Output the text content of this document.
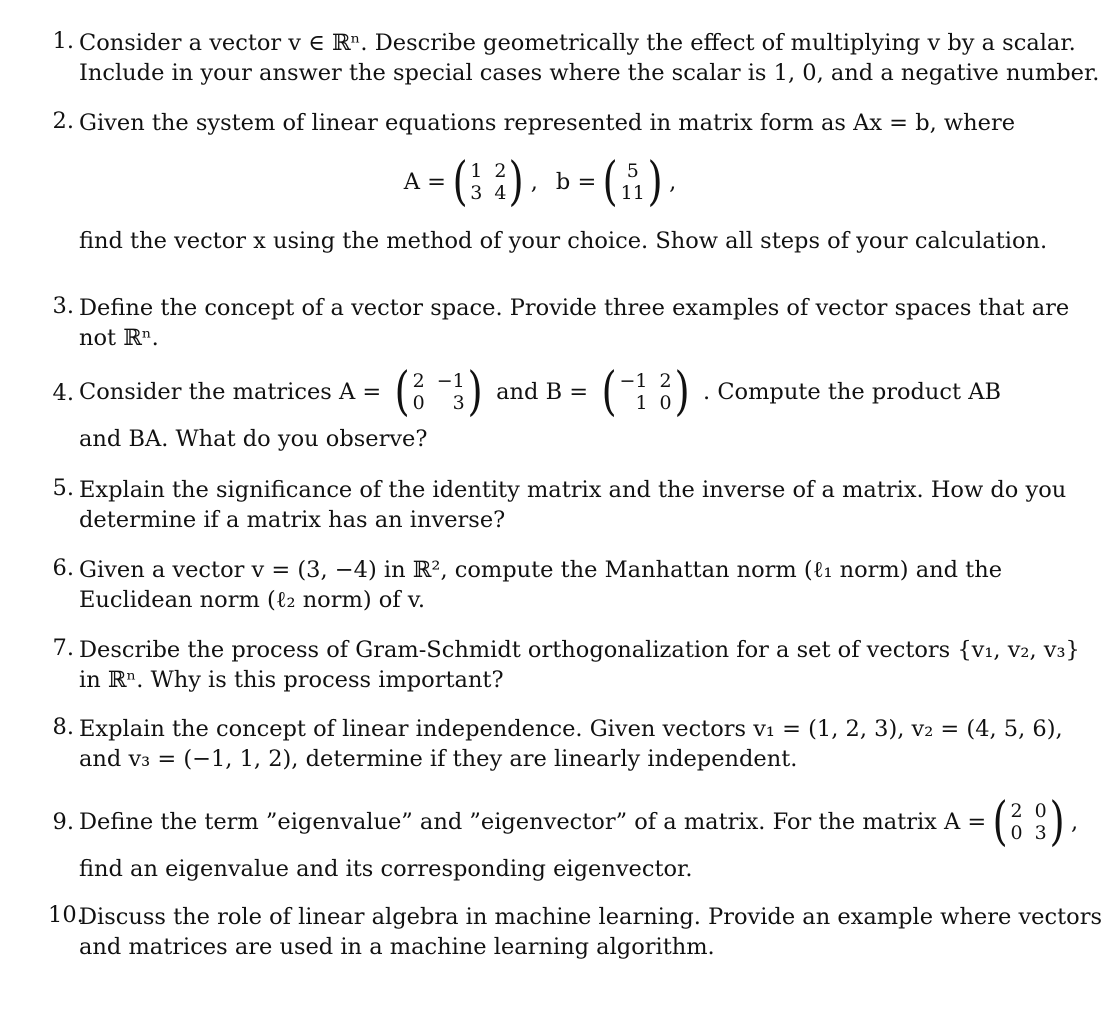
1. Consider a vector v ∈ ℝⁿ. Describe geometrically the effect of multiplying v by a scalar.
Include in your answer the special cases where the scalar is 1, 0, and a negative number.
2. Given the system of linear equations represented in matrix form as Ax = b, where
A = ( 1 2
3 4 ) , b = ( 5
11 ) ,
find the vector x using the method of your choice. Show all steps of your calculation.
3. Define the concept of a vector space. Provide three examples of vector spaces that are
not ℝⁿ.
4. Consider the matrices A = ( 2 −1
0	3 ) and B = ( −1 2
1 0 ) . Compute the product AB
and BA. What do you observe?
5. Explain the significance of the identity matrix and the inverse of a matrix. How do you
determine if a matrix has an inverse?
6. Given a vector v = (3, −4) in ℝ², compute the Manhattan norm (ℓ₁ norm) and the
Euclidean norm (ℓ₂ norm) of v.
7. Describe the process of Gram-Schmidt orthogonalization for a set of vectors {v₁, v₂, v₃}
in ℝⁿ. Why is this process important?
8. Explain the concept of linear independence. Given vectors v₁ = (1, 2, 3), v₂ = (4, 5, 6),
and v₃ = (−1, 1, 2), determine if they are linearly independent.
9. Define the term ”eigenvalue” and ”eigenvector” of a matrix. For the matrix A = ( 2 0
0 3 ) ,
find an eigenvalue and its corresponding eigenvector.
10.
Discuss the role of linear algebra in machine learning. Provide an example where vectors
and matrices are used in a machine learning algorithm.
